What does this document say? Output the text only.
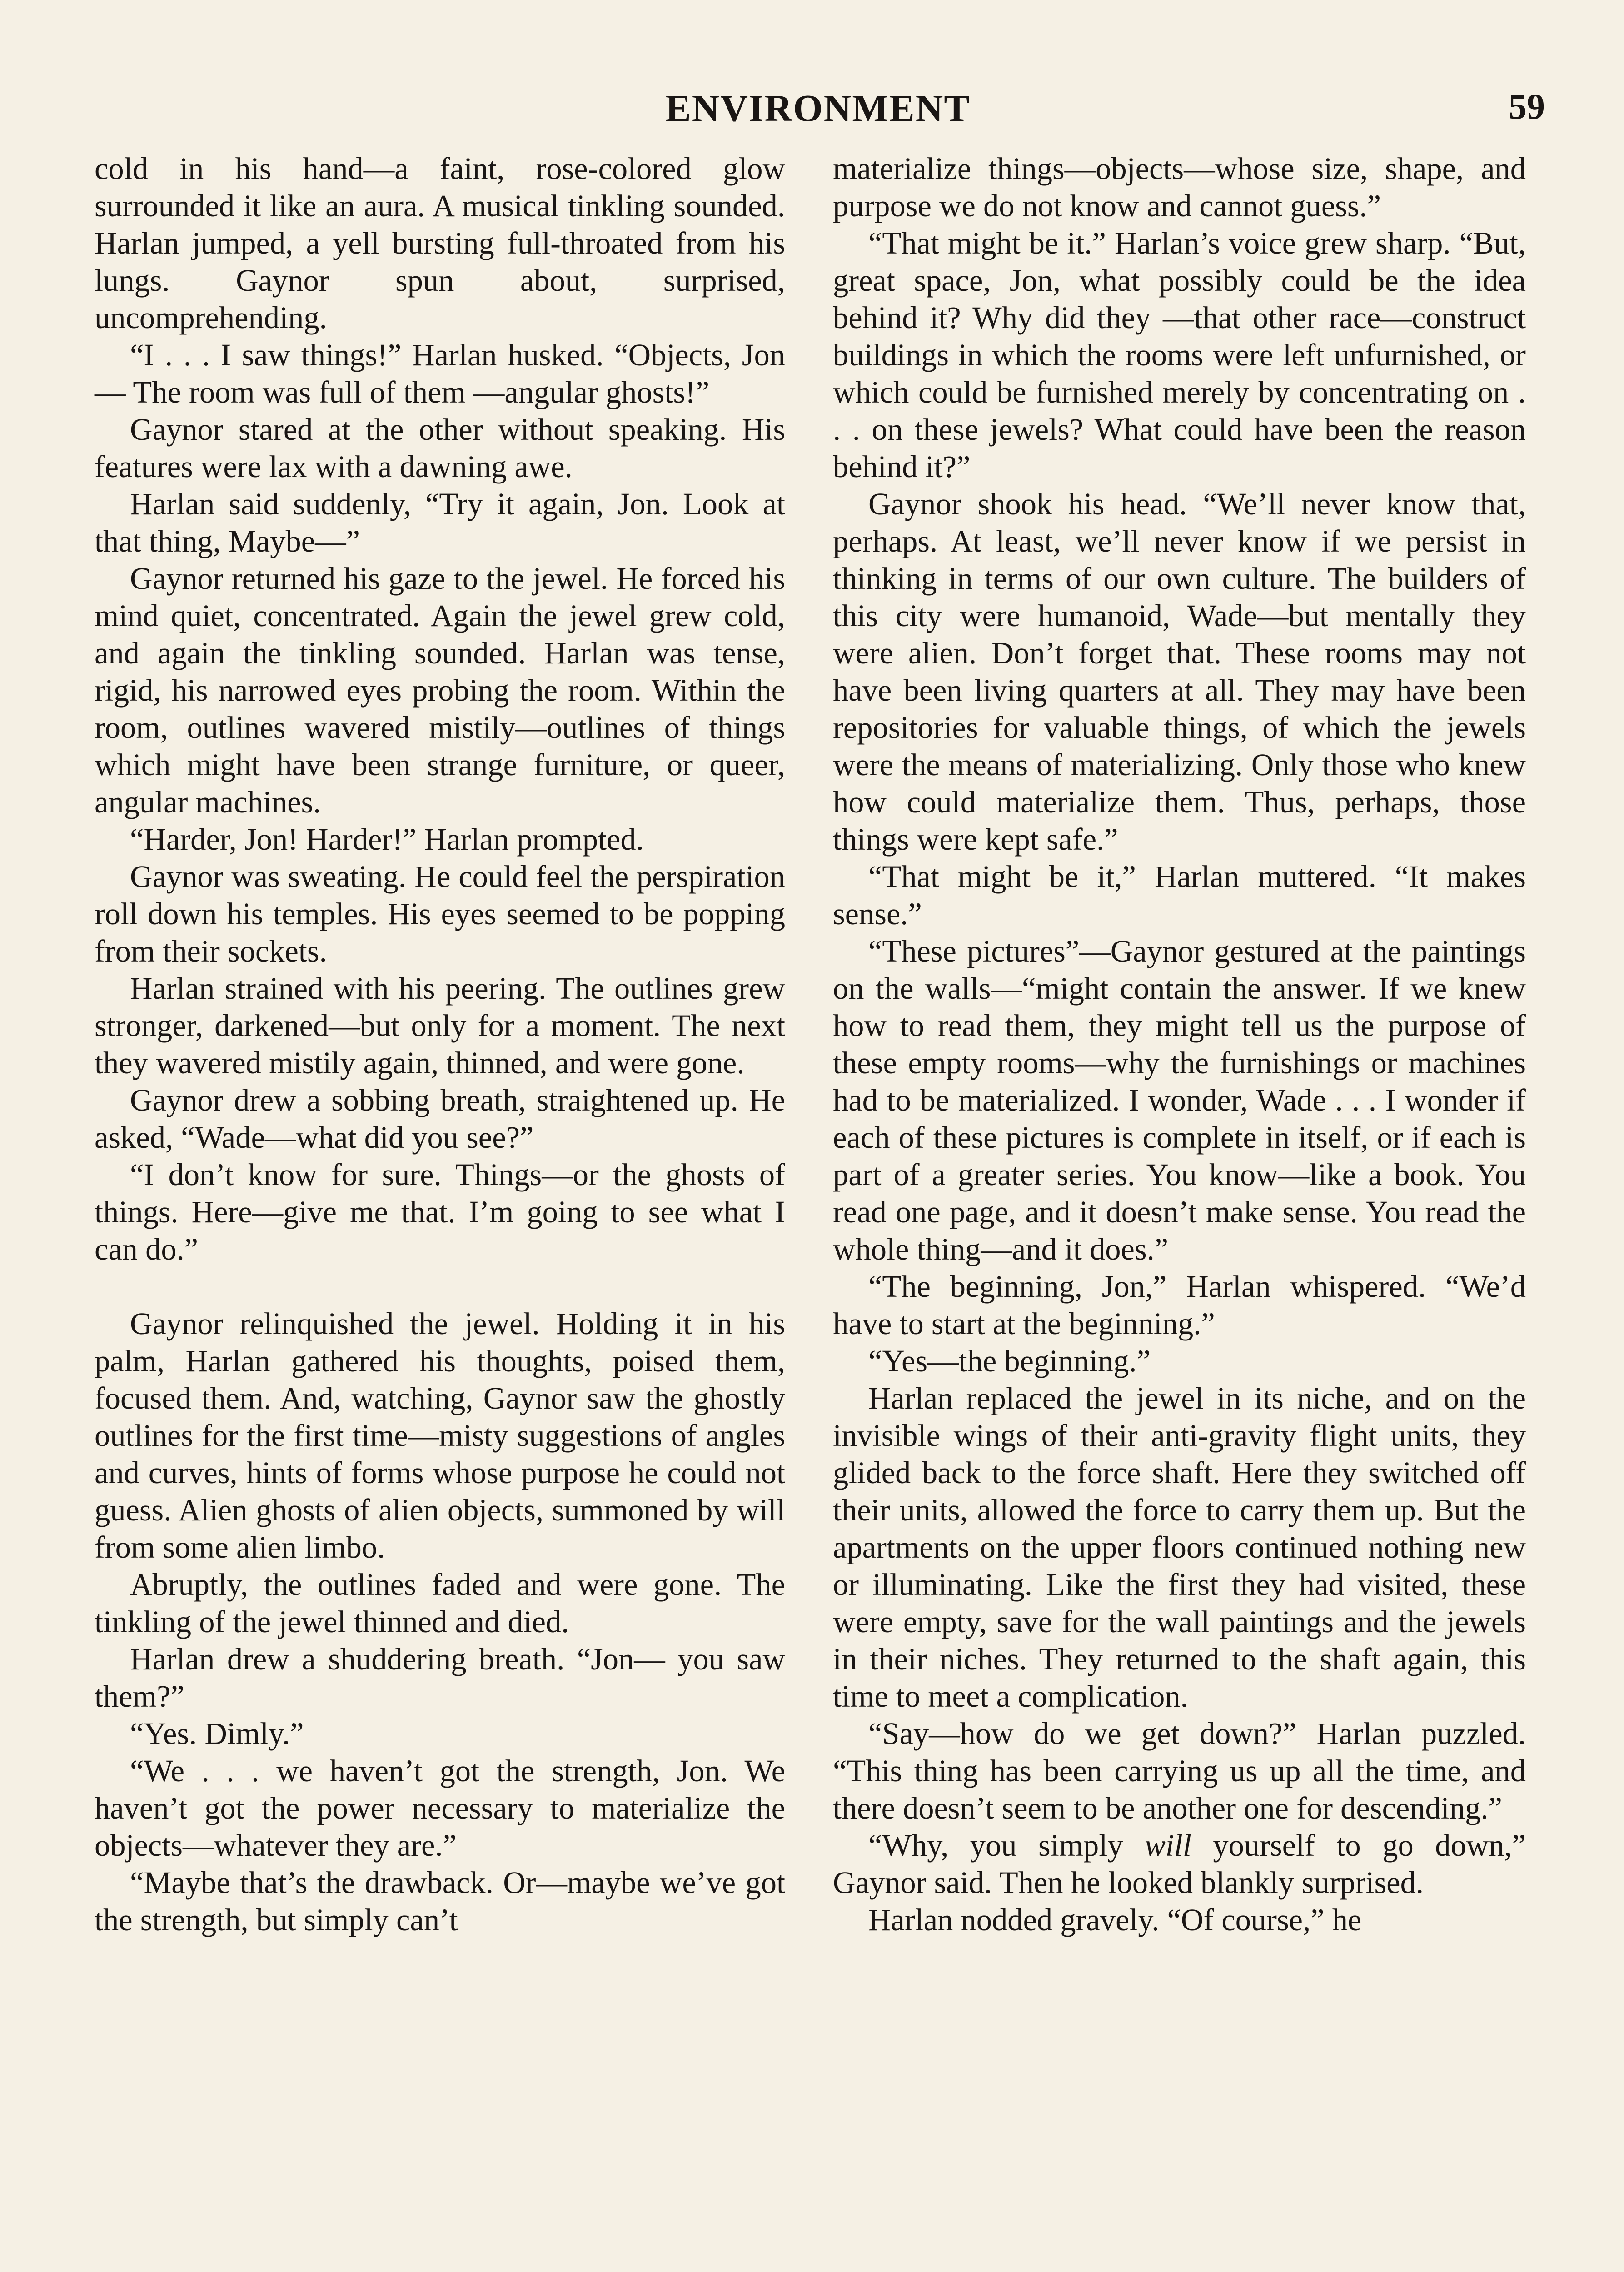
ENVIRONMENT	59

cold in his hand—a faint, rose-colored glow surrounded it like an aura. A musical tinkling sounded. Harlan jumped, a yell bursting full-throated from his lungs. Gaynor spun about, surprised, uncomprehending.

“I . . . I saw things!” Harlan husked. “Objects, Jon— The room was full of them —angular ghosts!”

Gaynor stared at the other without speaking. His features were lax with a dawning awe.

Harlan said suddenly, “Try it again, Jon. Look at that thing, Maybe—”

Gaynor returned his gaze to the jewel. He forced his mind quiet, concentrated. Again the jewel grew cold, and again the tinkling sounded. Harlan was tense, rigid, his narrowed eyes probing the room. Within the room, outlines wavered mistily—outlines of things which might have been strange furniture, or queer, angular machines.

“Harder, Jon! Harder!” Harlan prompted.

Gaynor was sweating. He could feel the perspiration roll down his temples. His eyes seemed to be popping from their sockets.

Harlan strained with his peering. The outlines grew stronger, darkened—but only for a moment. The next they wavered mistily again, thinned, and were gone.

Gaynor drew a sobbing breath, straightened up. He asked, “Wade—what did you see?”

“I don’t know for sure. Things—or the ghosts of things. Here—give me that. I’m going to see what I can do.”

Gaynor relinquished the jewel. Holding it in his palm, Harlan gathered his thoughts, poised them, focused them. And, watching, Gaynor saw the ghostly outlines for the first time—misty suggestions of angles and curves, hints of forms whose purpose he could not guess. Alien ghosts of alien objects, summoned by will from some alien limbo.

Abruptly, the outlines faded and were gone. The tinkling of the jewel thinned and died.

Harlan drew a shuddering breath. “Jon— you saw them?”

“Yes. Dimly.”

“We . . . we haven’t got the strength, Jon. We haven’t got the power necessary to materialize the objects—whatever they are.”

“Maybe that’s the drawback. Or—maybe we’ve got the strength, but simply can’t

materialize things—objects—whose size, shape, and purpose we do not know and cannot guess.”

“That might be it.” Harlan’s voice grew sharp. “But, great space, Jon, what possibly could be the idea behind it? Why did they —that other race—construct buildings in which the rooms were left unfurnished, or which could be furnished merely by concentrating on . . . on these jewels? What could have been the reason behind it?”

Gaynor shook his head. “We’ll never know that, perhaps. At least, we’ll never know if we persist in thinking in terms of our own culture. The builders of this city were humanoid, Wade—but mentally they were alien. Don’t forget that. These rooms may not have been living quarters at all. They may have been repositories for valuable things, of which the jewels were the means of materializing. Only those who knew how could materialize them. Thus, perhaps, those things were kept safe.”

“That might be it,” Harlan muttered. “It makes sense.”

“These pictures”—Gaynor gestured at the paintings on the walls—“might contain the answer. If we knew how to read them, they might tell us the purpose of these empty rooms—why the furnishings or machines had to be materialized. I wonder, Wade . . . I wonder if each of these pictures is complete in itself, or if each is part of a greater series. You know—like a book. You read one page, and it doesn’t make sense. You read the whole thing—and it does.”

“The beginning, Jon,” Harlan whispered. “We’d have to start at the beginning.”

“Yes—the beginning.”

Harlan replaced the jewel in its niche, and on the invisible wings of their anti-gravity flight units, they glided back to the force shaft. Here they switched off their units, allowed the force to carry them up. But the apartments on the upper floors continued nothing new or illuminating. Like the first they had visited, these were empty, save for the wall paintings and the jewels in their niches. They returned to the shaft again, this time to meet a complication.

“Say—how do we get down?” Harlan puzzled. “This thing has been carrying us up all the time, and there doesn’t seem to be another one for descending.”

“Why, you simply will yourself to go down,” Gaynor said. Then he looked blankly surprised.

Harlan nodded gravely. “Of course,” he
